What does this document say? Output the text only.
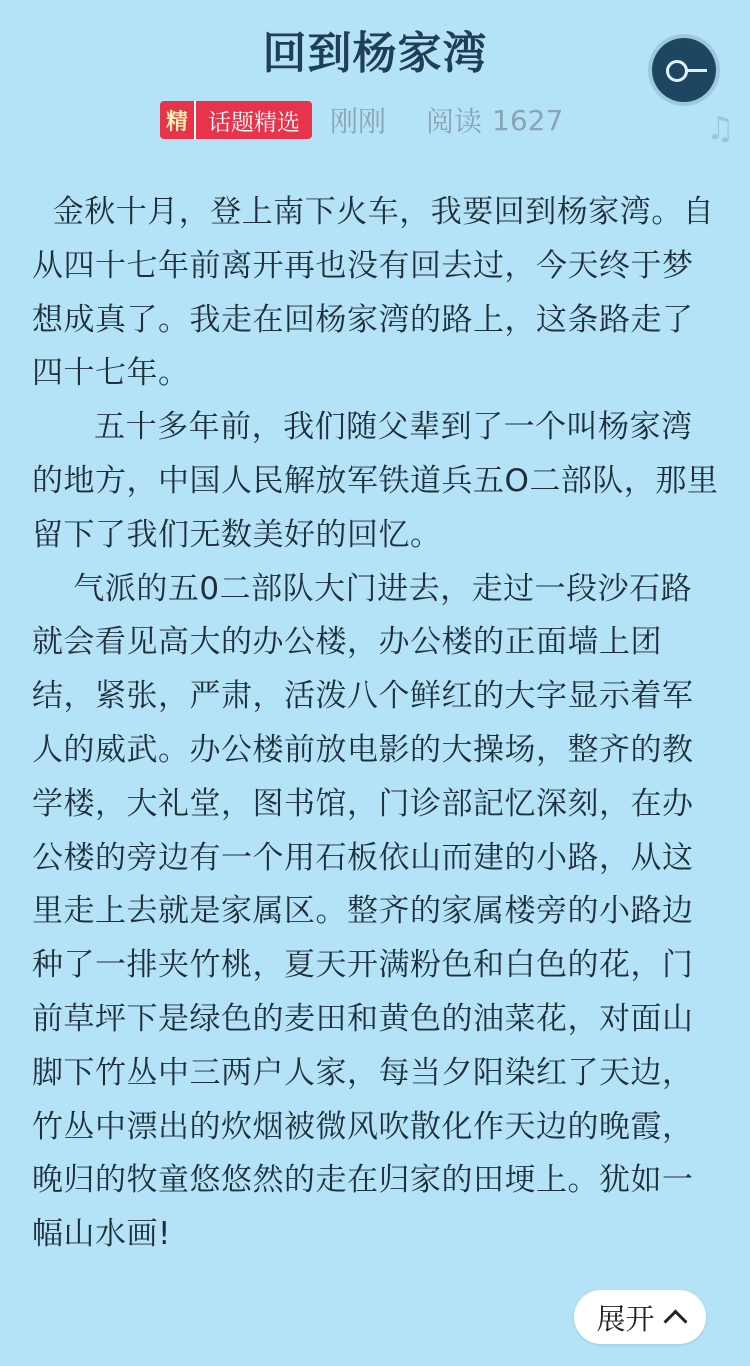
回到杨家湾
精 话题精选	刚刚 阅读 1627	♫

金秋十月，登上南下火车，我要回到杨家湾。自从四十七年前离开再也没有回去过，今天终于梦想成真了。我走在回杨家湾的路上，这条路走了四十七年。

五十多年前，我们随父辈到了一个叫杨家湾的地方，中国人民解放军铁道兵五O二部队，那里留下了我们无数美好的回忆。

气派的五0二部队大门进去，走过一段沙石路就会看见高大的办公楼，办公楼的正面墙上团结，紧张，严肃，活泼八个鲜红的大字显示着军人的威武。办公楼前放电影的大操场，整齐的教学楼，大礼堂，图书馆，门诊部記忆深刻，在办公楼的旁边有一个用石板依山而建的小路，从这里走上去就是家属区。整齐的家属楼旁的小路边种了一排夹竹桃，夏天开满粉色和白色的花，门前草坪下是绿色的麦田和黄色的油菜花，对面山脚下竹丛中三两户人家，每当夕阳染红了天边，竹丛中漂出的炊烟被微风吹散化作天边的晚霞，晚归的牧童悠悠然的走在归家的田埂上。犹如一幅山水画!

展开
